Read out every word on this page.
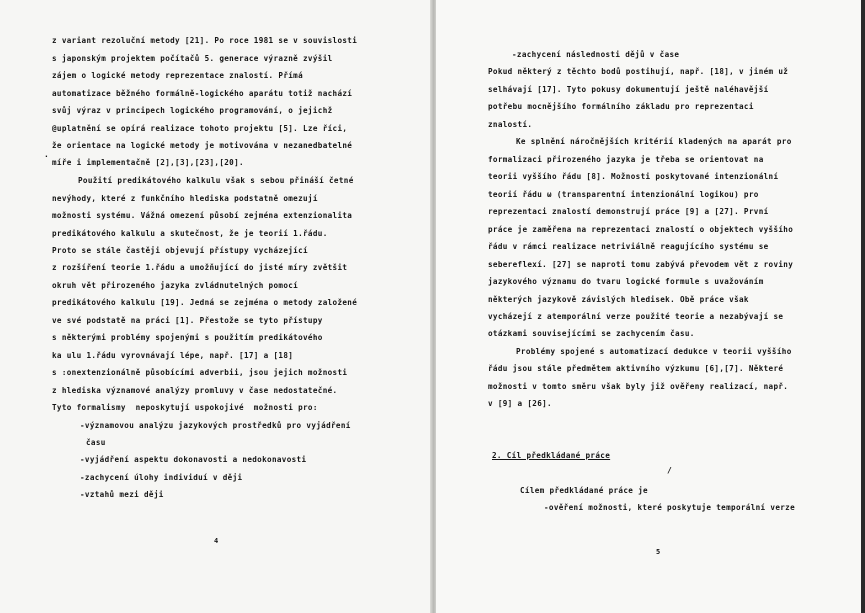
z variant rezoluční metody [21]. Po roce 1981 se v souvislosti
s japonským projektem počítačů 5. generace výrazně zvýšil
zájem o logické metody reprezentace znalostí. Přímá
automatizace běžného formálně-logického aparátu totiž nachází
svůj výraz v principech logického programování, o jejichž
@uplatnění se opírá realizace tohoto projektu [5]. Lze říci,
že orientace na logické metody je motivována v nezanedbatelné
míře i implementačně [2],[3],[23],[20].
·
Použití predikátového kalkulu však s sebou přináší četné
nevýhody, které z funkčního hlediska podstatně omezují
možnosti systému. Vážná omezení působí zejména extenzionalita
predikátového kalkulu a skutečnost, že je teorií 1.řádu.
Proto se stále častěji objevují přístupy vycházející
z rozšíření teorie 1.řádu a umožňující do jisté míry zvětšit
okruh vět přirozeného jazyka zvládnutelných pomocí
predikátového kalkulu [19]. Jedná se zejména o metody založené
ve své podstatě na práci [1]. Přestože se tyto přístupy
s některými problémy spojenými s použitím predikátového
ka ulu 1.řádu vyrovnávají lépe, např. [17] a [18]
s :onextenzionálně působícími adverbii, jsou jejich možnosti
z hlediska významové analýzy promluvy v čase nedostatečné.
Tyto formalismy  neposkytují uspokojivé  možnosti pro:
-významovou analýzu jazykových prostředků pro vyjádření
času
-vyjádření aspektu dokonavosti a nedokonavosti
-zachycení úlohy individuí v ději
-vztahů mezi ději
4
-zachycení následnosti dějů v čase
Pokud některý z těchto bodů postihují, např. [18], v jiném už
selhávají [17]. Tyto pokusy dokumentují ještě naléhavější
potřebu mocnějšího formálního základu pro reprezentaci
znalostí.
Ke splnění náročnějších kritérií kladených na aparát pro
formalizaci přirozeného jazyka je třeba se orientovat na
teorii vyššího řádu [8]. Možnosti poskytované intenzionální
teorií řádu ω (transparentní intenzionální logikou) pro
reprezentaci znalostí demonstrují práce [9] a [27]. První
práce je zaměřena na reprezentaci znalostí o objektech vyššího
řádu v rámci realizace netriviálně reagujícího systému se
sebereflexí. [27] se naproti tomu zabývá převodem vět z roviny
jazykového významu do tvaru logické formule s uvažováním
některých jazykově závislých hledisek. Obě práce však
vycházejí z atemporální verze použité teorie a nezabývají se
otázkami souvisejícími se zachycením času.
Problémy spojené s automatizací dedukce v teorii vyššího
řádu jsou stále předmětem aktivního výzkumu [6],[7]. Některé
možnosti v tomto směru však byly již ověřeny realizací, např.
v [9] a [26].
2. Cíl předkládané práce
/
Cílem předkládané práce je
-ověření možnosti, které poskytuje temporální verze
5
